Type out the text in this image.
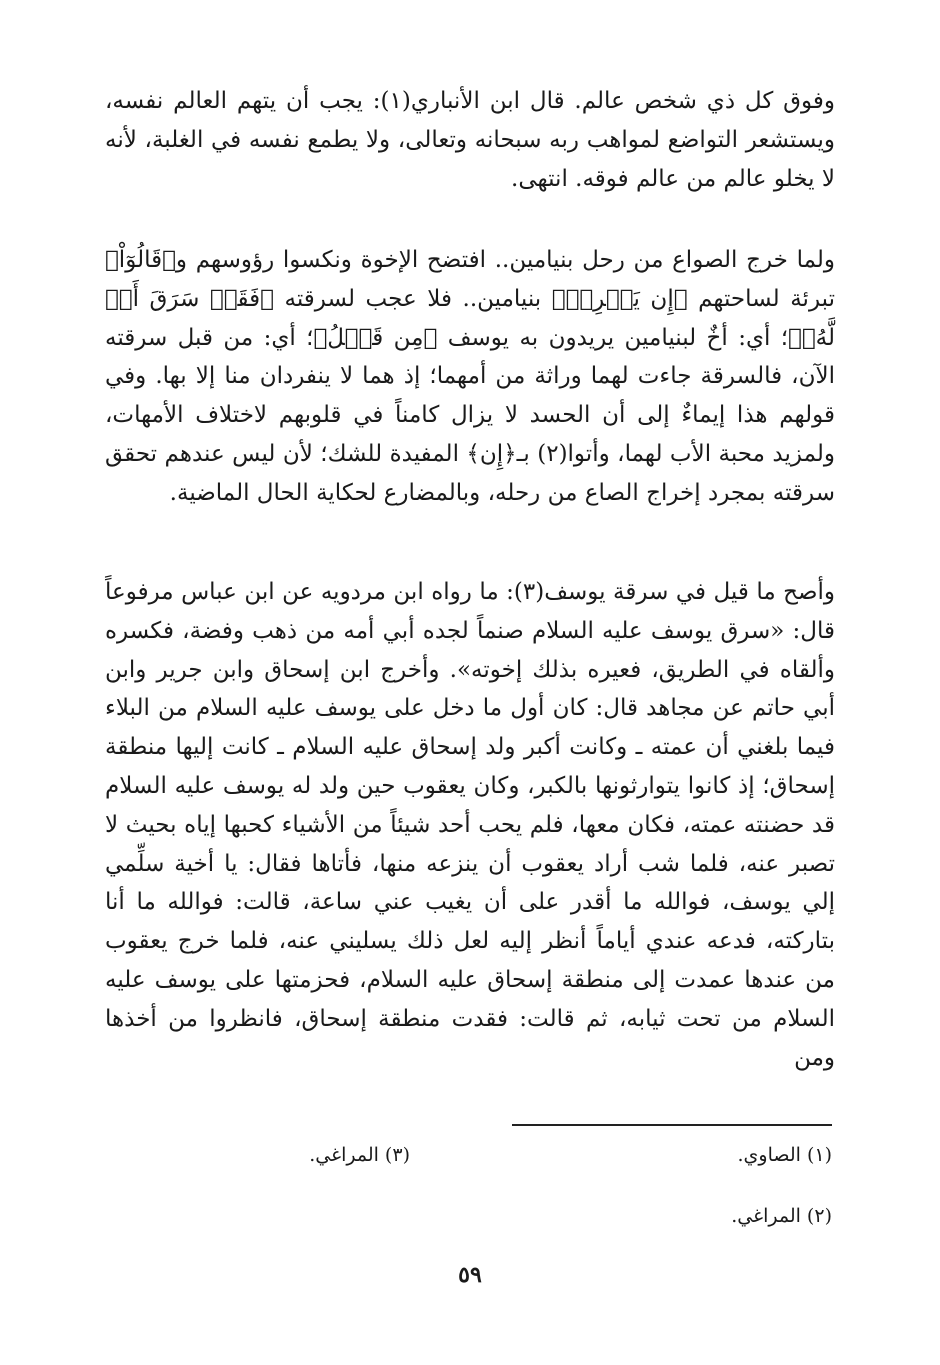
وفوق كل ذي شخص عالم. قال ابن الأنباري(١): يجب أن يتهم العالم نفسه، ويستشعر التواضع لمواهب ربه سبحانه وتعالى، ولا يطمع نفسه في الغلبة، لأنه لا يخلو عالم من عالم فوقه. انتهى.

ولما خرج الصواع من رحل بنيامين.. افتضح الإخوة ونكسوا رؤوسهم و﴿قَالُوٓاْ﴾ تبرئة لساحتهم ﴿إِن يَسۡرِقۡ﴾ بنيامين.. فلا عجب لسرقته ﴿فَقَدۡ سَرَقَ أَخٞ لَّهُۥ﴾؛ أي: أخٌ لبنيامين يريدون به يوسف ﴿مِن قَبۡلُ﴾؛ أي: من قبل سرقته الآن، فالسرقة جاءت لهما وراثة من أمهما؛ إذ هما لا ينفردان منا إلا بها. وفي قولهم هذا إيماءٌ إلى أن الحسد لا يزال كامناً في قلوبهم لاختلاف الأمهات، ولمزيد محبة الأب لهما، وأتوا(٢) بـ﴿إِن﴾ المفيدة للشك؛ لأن ليس عندهم تحقق سرقته بمجرد إخراج الصاع من رحله، وبالمضارع لحكاية الحال الماضية.

وأصح ما قيل في سرقة يوسف(٣): ما رواه ابن مردويه عن ابن عباس مرفوعاً قال: «سرق يوسف عليه السلام صنماً لجده أبي أمه من ذهب وفضة، فكسره وألقاه في الطريق، فعيره بذلك إخوته». وأخرج ابن إسحاق وابن جرير وابن أبي حاتم عن مجاهد قال: كان أول ما دخل على يوسف عليه السلام من البلاء فيما بلغني أن عمته ـ وكانت أكبر ولد إسحاق عليه السلام ـ كانت إليها منطقة إسحاق؛ إذ كانوا يتوارثونها بالكبر، وكان يعقوب حين ولد له يوسف عليه السلام قد حضنته عمته، فكان معها، فلم يحب أحد شيئاً من الأشياء كحبها إياه بحيث لا تصبر عنه، فلما شب أراد يعقوب أن ينزعه منها، فأتاها فقال: يا أخية سلِّمي إلي يوسف، فوالله ما أقدر على أن يغيب عني ساعة، قالت: فوالله ما أنا بتاركته، فدعه عندي أياماً أنظر إليه لعل ذلك يسليني عنه، فلما خرج يعقوب من عندها عمدت إلى منطقة إسحاق عليه السلام، فحزمتها على يوسف عليه السلام من تحت ثيابه، ثم قالت: فقدت منطقة إسحاق، فانظروا من أخذها ومن

(١) الصاوي.
(٣) المراغي.
(٢) المراغي.
٥٩
